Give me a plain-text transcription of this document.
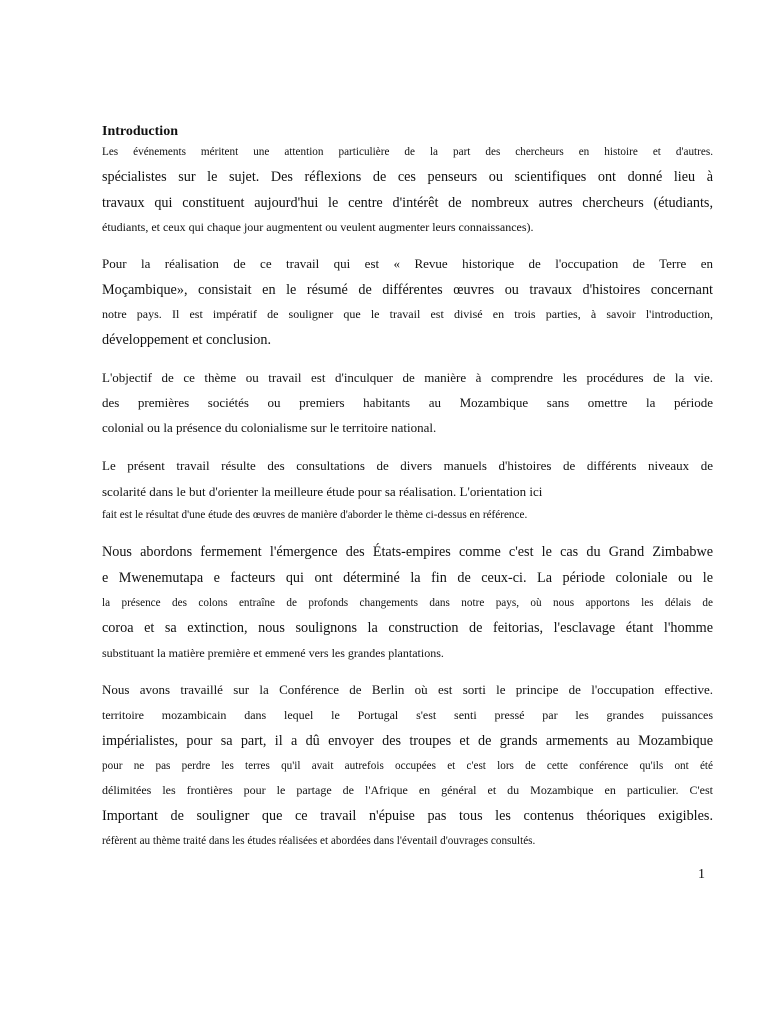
Introduction
Les événements méritent une attention particulière de la part des chercheurs en histoire et d'autres.
spécialistes sur le sujet. Des réflexions de ces penseurs ou scientifiques ont donné lieu à
travaux qui constituent aujourd'hui le centre d'intérêt de nombreux autres chercheurs (étudiants,
étudiants, et ceux qui chaque jour augmentent ou veulent augmenter leurs connaissances).
Pour la réalisation de ce travail qui est « Revue historique de l'occupation de Terre en
Moçambique», consistait en le résumé de différentes œuvres ou travaux d'histoires concernant
notre pays. Il est impératif de souligner que le travail est divisé en trois parties, à savoir l'introduction,
développement et conclusion.
L'objectif de ce thème ou travail est d'inculquer de manière à comprendre les procédures de la vie.
des premières sociétés ou premiers habitants au Mozambique sans omettre la période
colonial ou la présence du colonialisme sur le territoire national.
Le présent travail résulte des consultations de divers manuels d'histoires de différents niveaux de
scolarité dans le but d'orienter la meilleure étude pour sa réalisation. L'orientation ici
fait est le résultat d'une étude des œuvres de manière d'aborder le thème ci-dessus en référence.
Nous abordons fermement l'émergence des États-empires comme c'est le cas du Grand Zimbabwe
e Mwenemutapa e facteurs qui ont déterminé la fin de ceux-ci. La période coloniale ou le
la présence des colons entraîne de profonds changements dans notre pays, où nous apportons les délais de
coroa et sa extinction, nous soulignons la construction de feitorias, l'esclavage étant l'homme
substituant la matière première et emmené vers les grandes plantations.
Nous avons travaillé sur la Conférence de Berlin où est sorti le principe de l'occupation effective.
territoire mozambicain dans lequel le Portugal s'est senti pressé par les grandes puissances
impérialistes, pour sa part, il a dû envoyer des troupes et de grands armements au Mozambique
pour ne pas perdre les terres qu'il avait autrefois occupées et c'est lors de cette conférence qu'ils ont été
délimitées les frontières pour le partage de l'Afrique en général et du Mozambique en particulier. C'est
Important de souligner que ce travail n'épuise pas tous les contenus théoriques exigibles.
réfèrent au thème traité dans les études réalisées et abordées dans l'éventail d'ouvrages consultés.
1
